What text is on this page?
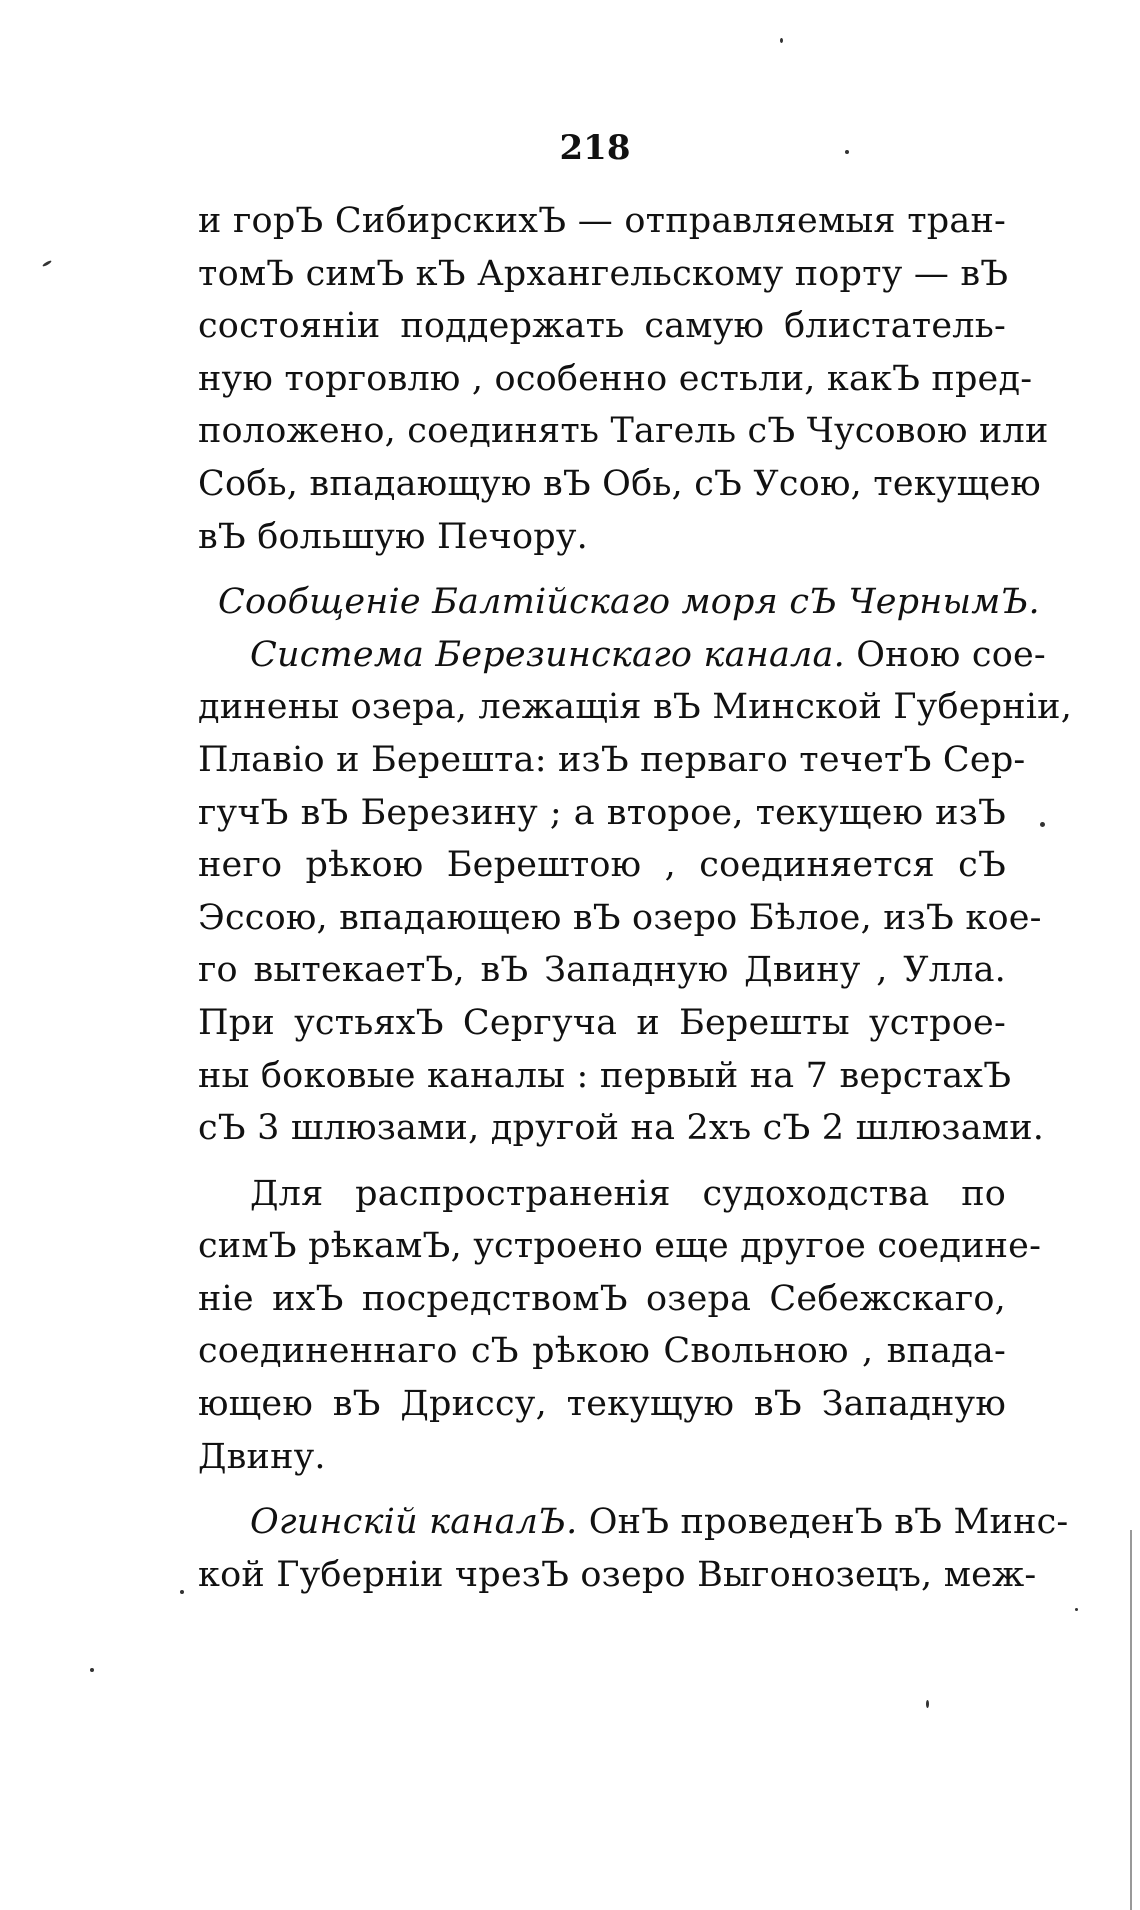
218
и горЪ СибирскихЪ — отправляемыя тран-
томЪ симЪ кЪ Архангельскому порту — вЪ
состояніи поддержать самую блистатель-
ную торговлю , особенно естьли, какЪ пред-
положено, соединять Тагель сЪ Чусовою или
Собь, впадающую вЪ Обь, сЪ Усою, текущею
вЪ большую Печору.
Сообщеніе Балтійскагo моря сЪ ЧернымЪ.
Система Березинскагo канала. Оною сое-
динены озера, лежащія вЪ Минской Губерніи,
Плавіо и Берешта: изЪ перваго течетЪ Сер-
гучЪ вЪ Березину ; а второе, текущею изЪ
него рѣкою Берештою , соединяется сЪ
Эссою, впадающею вЪ озеро Бѣлое, изЪ кое-
го вытекаетЪ, вЪ Западную Двину , Улла.
При устьяхЪ Сергуча и Берешты устрое-
ны боковые каналы : первый на 7 верстахЪ
сЪ 3 шлюзами, другой на 2хъ сЪ 2 шлюзами.
Для распространенія судоходства по
симЪ рѣкамЪ, устроено еще другое соедине-
ніе ихЪ посредствомЪ озера Себежскаго,
соединеннаго сЪ рѣкою Свольною , впада-
ющею вЪ Дриссу, текущую вЪ Западную
Двину.
Огинскій каналЪ. ОнЪ проведенЪ вЪ Минс-
кой Губерніи чрезЪ озеро Выгонозецъ, меж-
